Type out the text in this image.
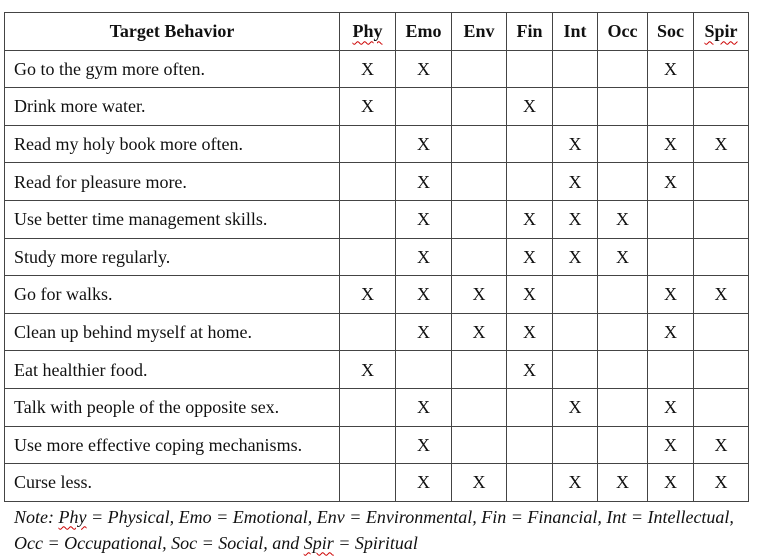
Target Behavior	Phy	Emo	Env	Fin	Int	Occ	Soc	Spir
Go to the gym more often.	X	X					X	
Drink more water.	X			X				
Read my holy book more often.		X			X		X	X
Read for pleasure more.		X			X		X	
Use better time management skills.		X		X	X	X		
Study more regularly.		X		X	X	X		
Go for walks.	X	X	X	X			X	X
Clean up behind myself at home.		X	X	X			X	
Eat healthier food.	X			X				
Talk with people of the opposite sex.		X			X		X	
Use more effective coping mechanisms.		X					X	X
Curse less.		X	X		X	X	X	X
Note: Phy = Physical, Emo = Emotional, Env = Environmental, Fin = Financial, Int = Intellectual, Occ = Occupational, Soc = Social, and Spir = Spiritual
